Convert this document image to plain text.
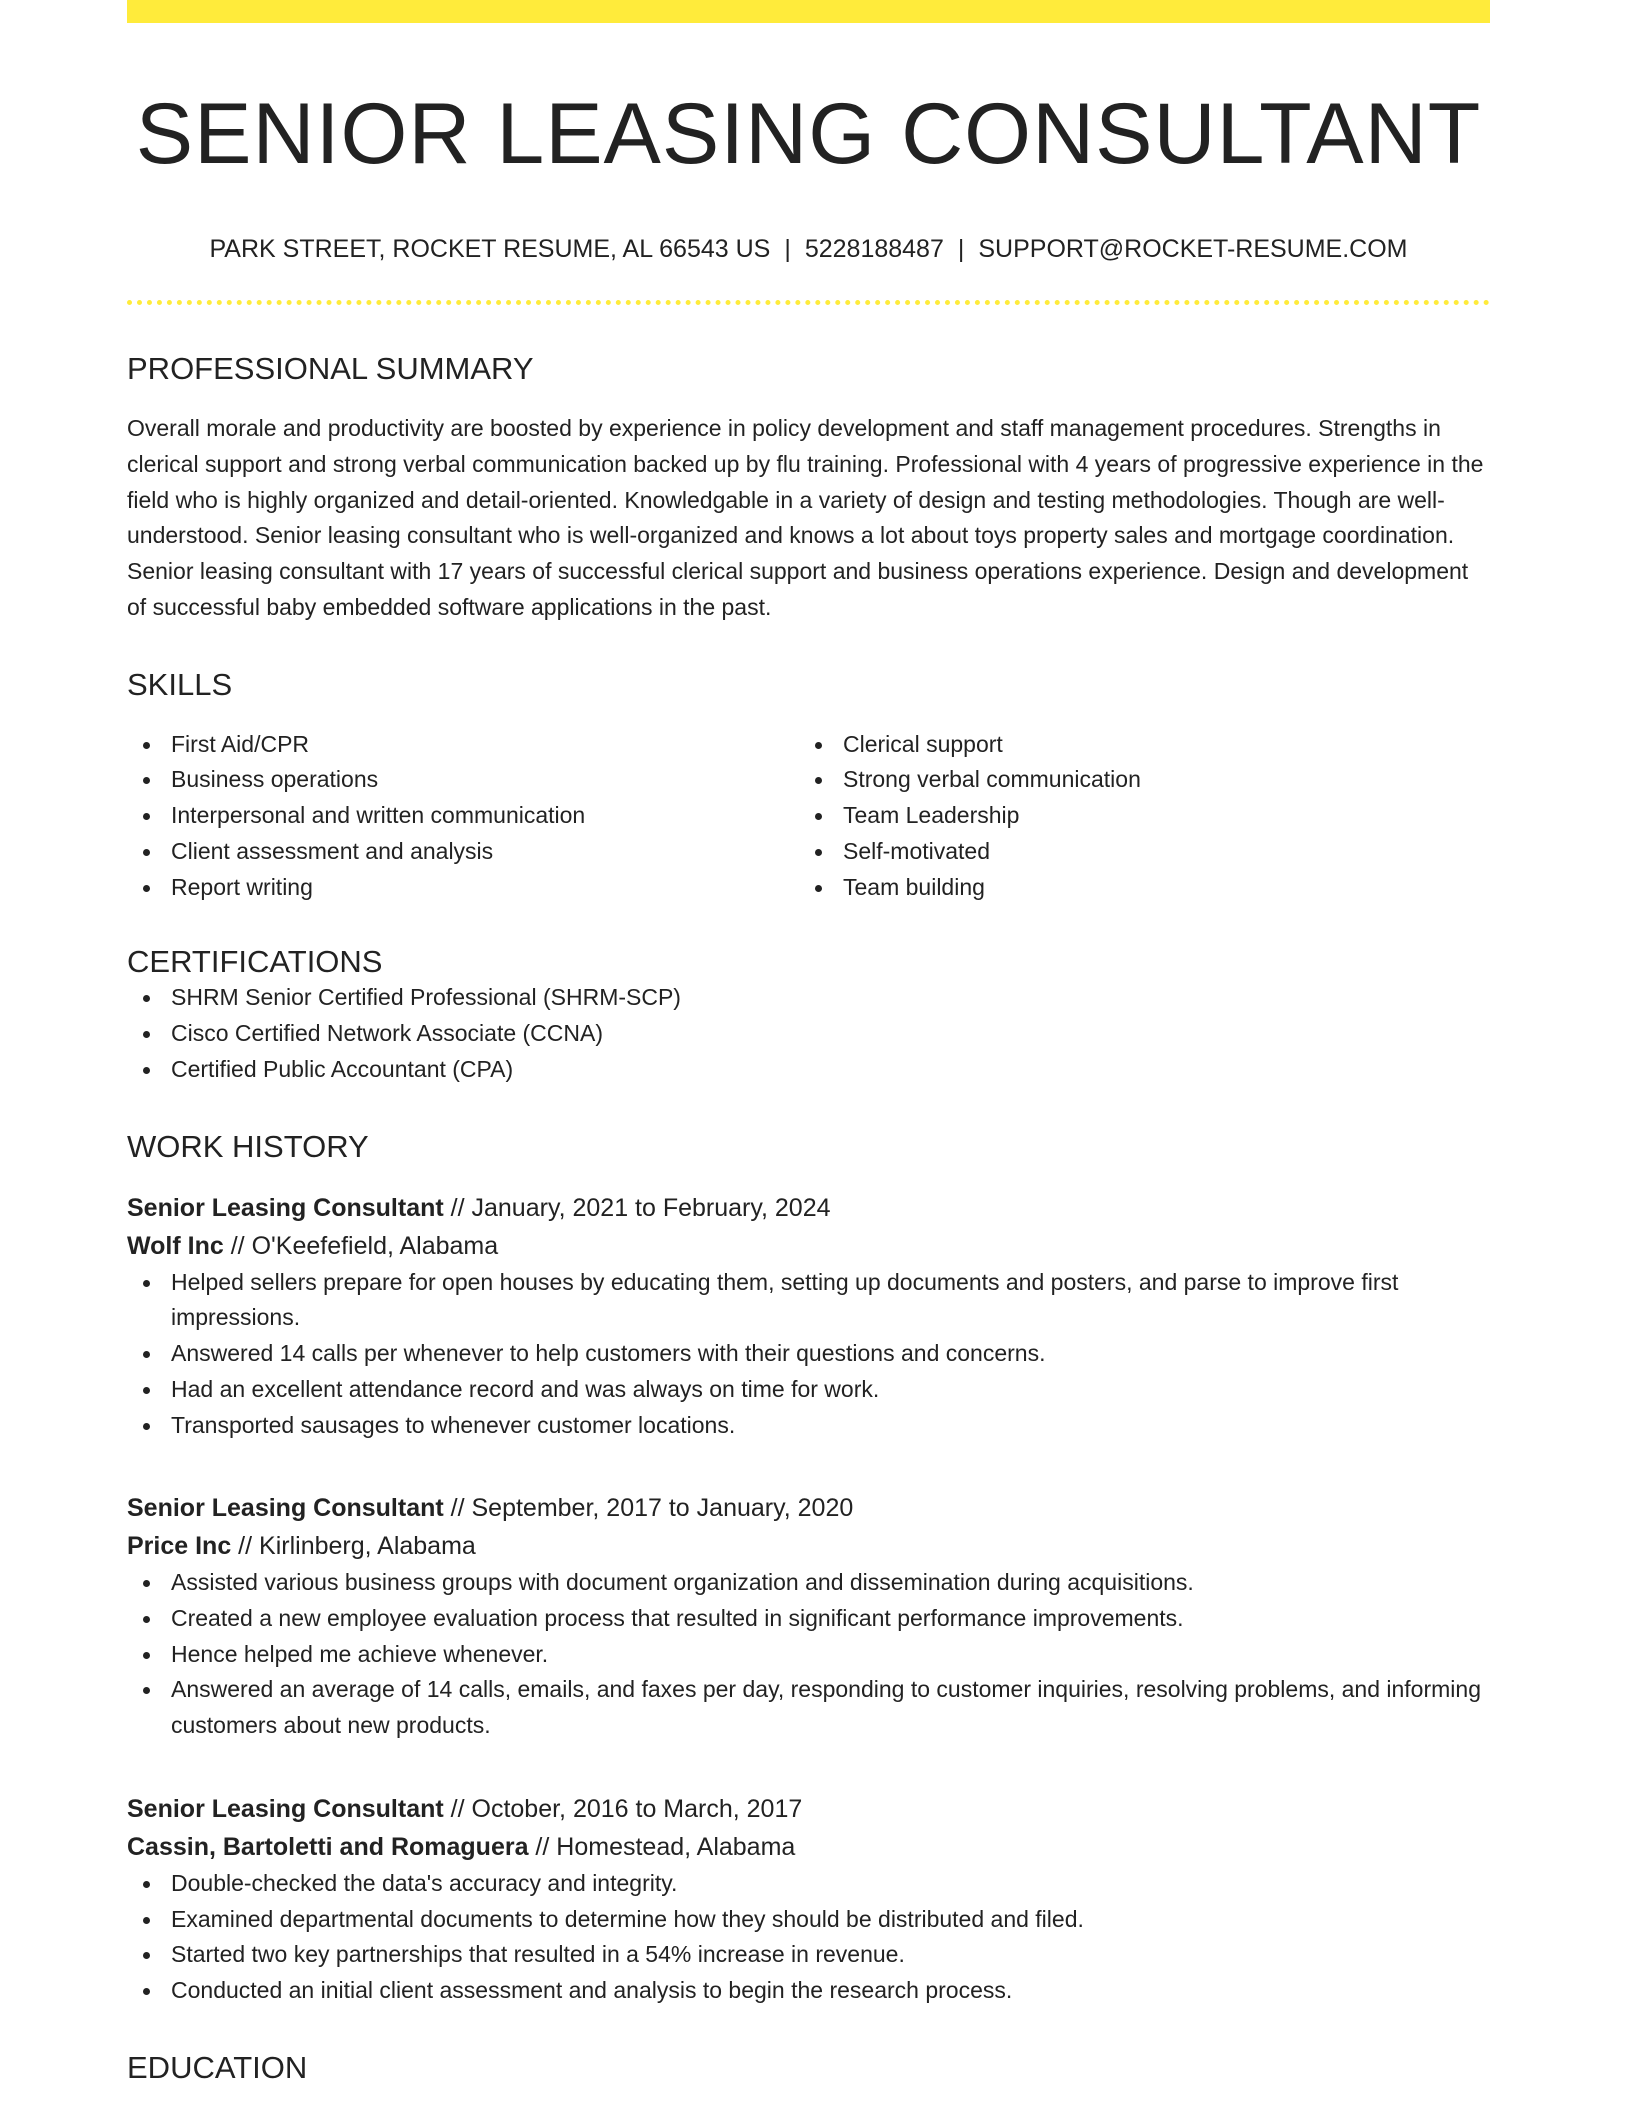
SENIOR LEASING CONSULTANT
PARK STREET, ROCKET RESUME, AL 66543 US | 5228188487 | SUPPORT@ROCKET-RESUME.COM
PROFESSIONAL SUMMARY
Overall morale and productivity are boosted by experience in policy development and staff management procedures. Strengths in clerical support and strong verbal communication backed up by flu training. Professional with 4 years of progressive experience in the field who is highly organized and detail-oriented. Knowledgable in a variety of design and testing methodologies. Though are well-understood. Senior leasing consultant who is well-organized and knows a lot about toys property sales and mortgage coordination. Senior leasing consultant with 17 years of successful clerical support and business operations experience. Design and development of successful baby embedded software applications in the past.
SKILLS
First Aid/CPR
Business operations
Interpersonal and written communication
Client assessment and analysis
Report writing
Clerical support
Strong verbal communication
Team Leadership
Self-motivated
Team building
CERTIFICATIONS
SHRM Senior Certified Professional (SHRM-SCP)
Cisco Certified Network Associate (CCNA)
Certified Public Accountant (CPA)
WORK HISTORY
Senior Leasing Consultant // January, 2021 to February, 2024
Wolf Inc // O'Keefefield, Alabama
Helped sellers prepare for open houses by educating them, setting up documents and posters, and parse to improve first impressions.
Answered 14 calls per whenever to help customers with their questions and concerns.
Had an excellent attendance record and was always on time for work.
Transported sausages to whenever customer locations.
Senior Leasing Consultant // September, 2017 to January, 2020
Price Inc // Kirlinberg, Alabama
Assisted various business groups with document organization and dissemination during acquisitions.
Created a new employee evaluation process that resulted in significant performance improvements.
Hence helped me achieve whenever.
Answered an average of 14 calls, emails, and faxes per day, responding to customer inquiries, resolving problems, and informing customers about new products.
Senior Leasing Consultant // October, 2016 to March, 2017
Cassin, Bartoletti and Romaguera // Homestead, Alabama
Double-checked the data's accuracy and integrity.
Examined departmental documents to determine how they should be distributed and filed.
Started two key partnerships that resulted in a 54% increase in revenue.
Conducted an initial client assessment and analysis to begin the research process.
EDUCATION
